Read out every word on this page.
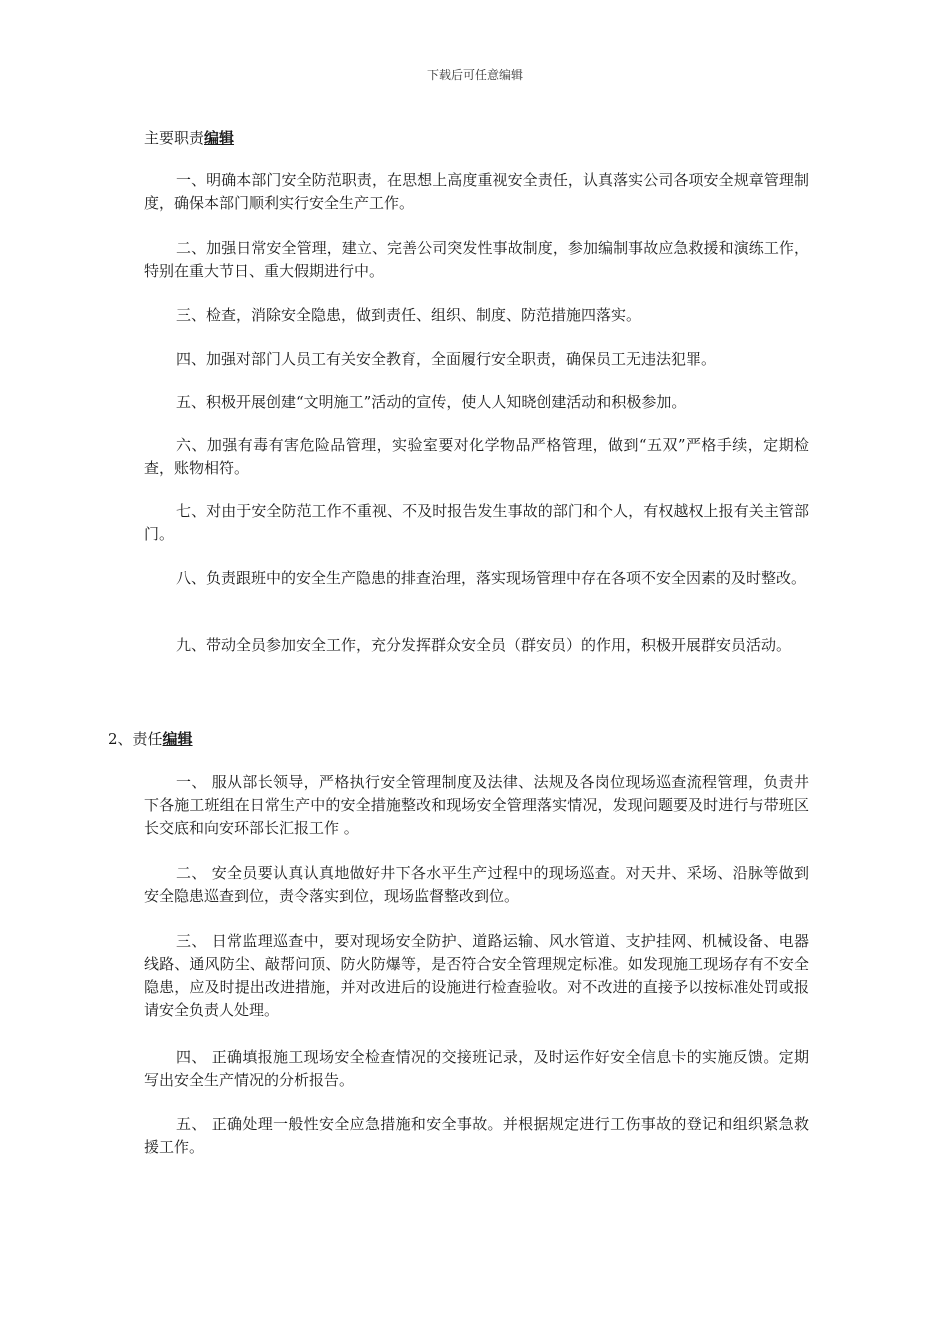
下载后可任意编辑
主要职责编辑
一、明确本部门安全防范职责，在思想上高度重视安全责任，认真落实公司各项安全规章管理制度，确保本部门顺利实行安全生产工作。
二、加强日常安全管理，建立、完善公司突发性事故制度，参加编制事故应急救援和演练工作，特别在重大节日、重大假期进行中。
三、检查，消除安全隐患，做到责任、组织、制度、防范措施四落实。
四、加强对部门人员工有关安全教育，全面履行安全职责，确保员工无违法犯罪。
五、积极开展创建“文明施工”活动的宣传，使人人知晓创建活动和积极参加。
六、加强有毒有害危险品管理，实验室要对化学物品严格管理，做到“五双”严格手续，定期检查，账物相符。
七、对由于安全防范工作不重视、不及时报告发生事故的部门和个人，有权越权上报有关主管部门。
八、负责跟班中的安全生产隐患的排查治理，落实现场管理中存在各项不安全因素的及时整改。
九、带动全员参加安全工作，充分发挥群众安全员（群安员）的作用，积极开展群安员活动。
2、责任编辑
一、 服从部长领导，严格执行安全管理制度及法律、法规及各岗位现场巡查流程管理，负责井下各施工班组在日常生产中的安全措施整改和现场安全管理落实情况，发现问题要及时进行与带班区长交底和向安环部长汇报工作 。
二、 安全员要认真认真地做好井下各水平生产过程中的现场巡查。对天井、采场、沿脉等做到安全隐患巡查到位，责令落实到位，现场监督整改到位。
三、 日常监理巡查中，要对现场安全防护、道路运输、风水管道、支护挂网、机械设备、电器线路、通风防尘、敲帮问顶、防火防爆等，是否符合安全管理规定标准。如发现施工现场存有不安全隐患，应及时提出改进措施，并对改进后的设施进行检查验收。对不改进的直接予以按标准处罚或报请安全负责人处理。
四、 正确填报施工现场安全检查情况的交接班记录，及时运作好安全信息卡的实施反馈。定期写出安全生产情况的分析报告。
五、 正确处理一般性安全应急措施和安全事故。并根据规定进行工伤事故的登记和组织紧急救援工作。
